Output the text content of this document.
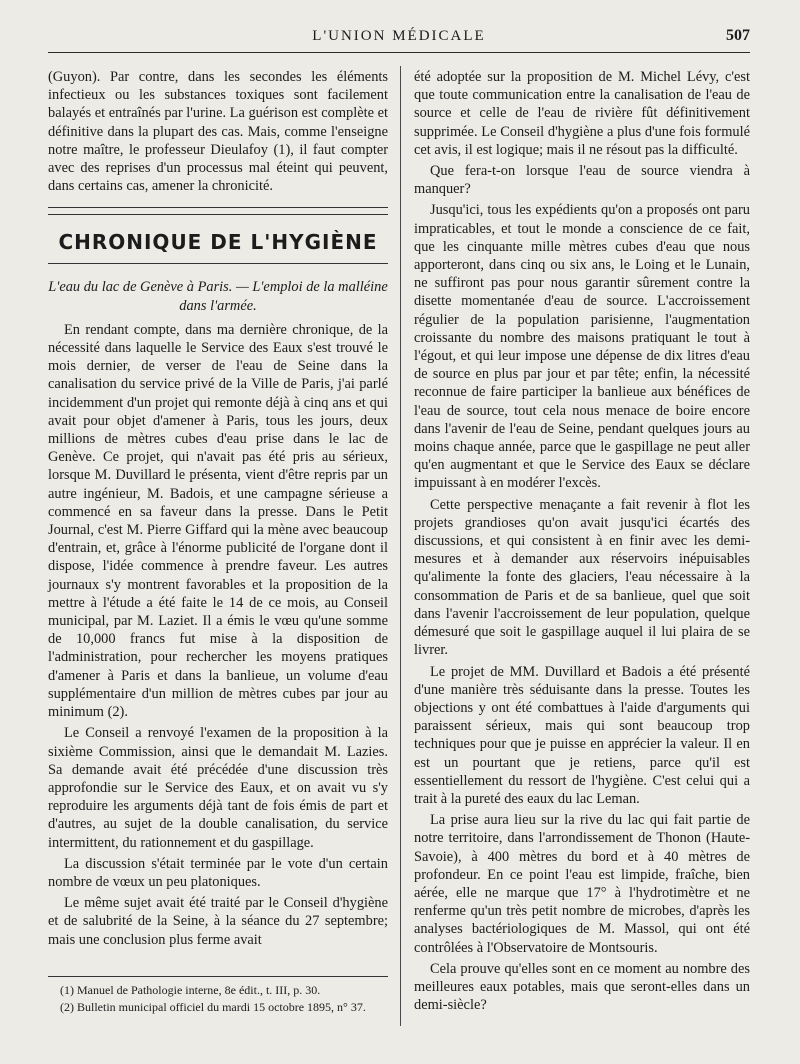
L'UNION MÉDICALE	507

(Guyon). Par contre, dans les secondes les éléments infectieux ou les substances toxiques sont facilement balayés et entraînés par l'urine. La guérison est complète et définitive dans la plupart des cas. Mais, comme l'enseigne notre maître, le professeur Dieulafoy (1), il faut compter avec des reprises d'un processus mal éteint qui peuvent, dans certains cas, amener la chronicité.

CHRONIQUE DE L'HYGIÈNE

L'eau du lac de Genève à Paris. — L'emploi de la malléine dans l'armée.

En rendant compte, dans ma dernière chronique, de la nécessité dans laquelle le Service des Eaux s'est trouvé le mois dernier, de verser de l'eau de Seine dans la canalisation du service privé de la Ville de Paris, j'ai parlé incidemment d'un projet qui remonte déjà à cinq ans et qui avait pour objet d'amener à Paris, tous les jours, deux millions de mètres cubes d'eau prise dans le lac de Genève. Ce projet, qui n'avait pas été pris au sérieux, lorsque M. Duvillard le présenta, vient d'être repris par un autre ingénieur, M. Badois, et une campagne sérieuse a commencé en sa faveur dans la presse. Dans le Petit Journal, c'est M. Pierre Giffard qui la mène avec beaucoup d'entrain, et, grâce à l'énorme publicité de l'organe dont il dispose, l'idée commence à prendre faveur. Les autres journaux s'y montrent favorables et la proposition de la mettre à l'étude a été faite le 14 de ce mois, au Conseil municipal, par M. Laziet. Il a émis le vœu qu'une somme de 10,000 francs fut mise à la disposition de l'administration, pour rechercher les moyens pratiques d'amener à Paris et dans la banlieue, un volume d'eau supplémentaire d'un million de mètres cubes par jour au minimum (2).

Le Conseil a renvoyé l'examen de la proposition à la sixième Commission, ainsi que le demandait M. Lazies. Sa demande avait été précédée d'une discussion très approfondie sur le Service des Eaux, et on avait vu s'y reproduire les arguments déjà tant de fois émis de part et d'autres, au sujet de la double canalisation, du service intermittent, du rationnement et du gaspillage.

La discussion s'était terminée par le vote d'un certain nombre de vœux un peu platoniques.

Le même sujet avait été traité par le Conseil d'hygiène et de salubrité de la Seine, à la séance du 27 septembre; mais une conclusion plus ferme avait

(1) Manuel de Pathologie interne, 8e édit., t. III, p. 30.

(2) Bulletin municipal officiel du mardi 15 octobre 1895, n° 37.

été adoptée sur la proposition de M. Michel Lévy, c'est que toute communication entre la canalisation de l'eau de source et celle de l'eau de rivière fût définitivement supprimée. Le Conseil d'hygiène a plus d'une fois formulé cet avis, il est logique; mais il ne résout pas la difficulté.

Que fera-t-on lorsque l'eau de source viendra à manquer?

Jusqu'ici, tous les expédients qu'on a proposés ont paru impraticables, et tout le monde a conscience de ce fait, que les cinquante mille mètres cubes d'eau que nous apporteront, dans cinq ou six ans, le Loing et le Lunain, ne suffiront pas pour nous garantir sûrement contre la disette momentanée d'eau de source. L'accroissement régulier de la population parisienne, l'augmentation croissante du nombre des maisons pratiquant le tout à l'égout, et qui leur impose une dépense de dix litres d'eau de source en plus par jour et par tête; enfin, la nécessité reconnue de faire participer la banlieue aux bénéfices de l'eau de source, tout cela nous menace de boire encore dans l'avenir de l'eau de Seine, pendant quelques jours au moins chaque année, parce que le gaspillage ne peut aller qu'en augmentant et que le Service des Eaux se déclare impuissant à en modérer l'excès.

Cette perspective menaçante a fait revenir à flot les projets grandioses qu'on avait jusqu'ici écartés des discussions, et qui consistent à en finir avec les demi-mesures et à demander aux réservoirs inépuisables qu'alimente la fonte des glaciers, l'eau nécessaire à la consommation de Paris et de sa banlieue, quel que soit dans l'avenir l'accroissement de leur population, quelque démesuré que soit le gaspillage auquel il lui plaira de se livrer.

Le projet de MM. Duvillard et Badois a été présenté d'une manière très séduisante dans la presse. Toutes les objections y ont été combattues à l'aide d'arguments qui paraissent sérieux, mais qui sont beaucoup trop techniques pour que je puisse en apprécier la valeur. Il en est un pourtant que je retiens, parce qu'il est essentiellement du ressort de l'hygiène. C'est celui qui a trait à la pureté des eaux du lac Leman.

La prise aura lieu sur la rive du lac qui fait partie de notre territoire, dans l'arrondissement de Thonon (Haute-Savoie), à 400 mètres du bord et à 40 mètres de profondeur. En ce point l'eau est limpide, fraîche, bien aérée, elle ne marque que 17° à l'hydrotimètre et ne renferme qu'un très petit nombre de microbes, d'après les analyses bactériologiques de M. Massol, qui ont été contrôlées à l'Observatoire de Montsouris.

Cela prouve qu'elles sont en ce moment au nombre des meilleures eaux potables, mais que seront-elles dans un demi-siècle?
